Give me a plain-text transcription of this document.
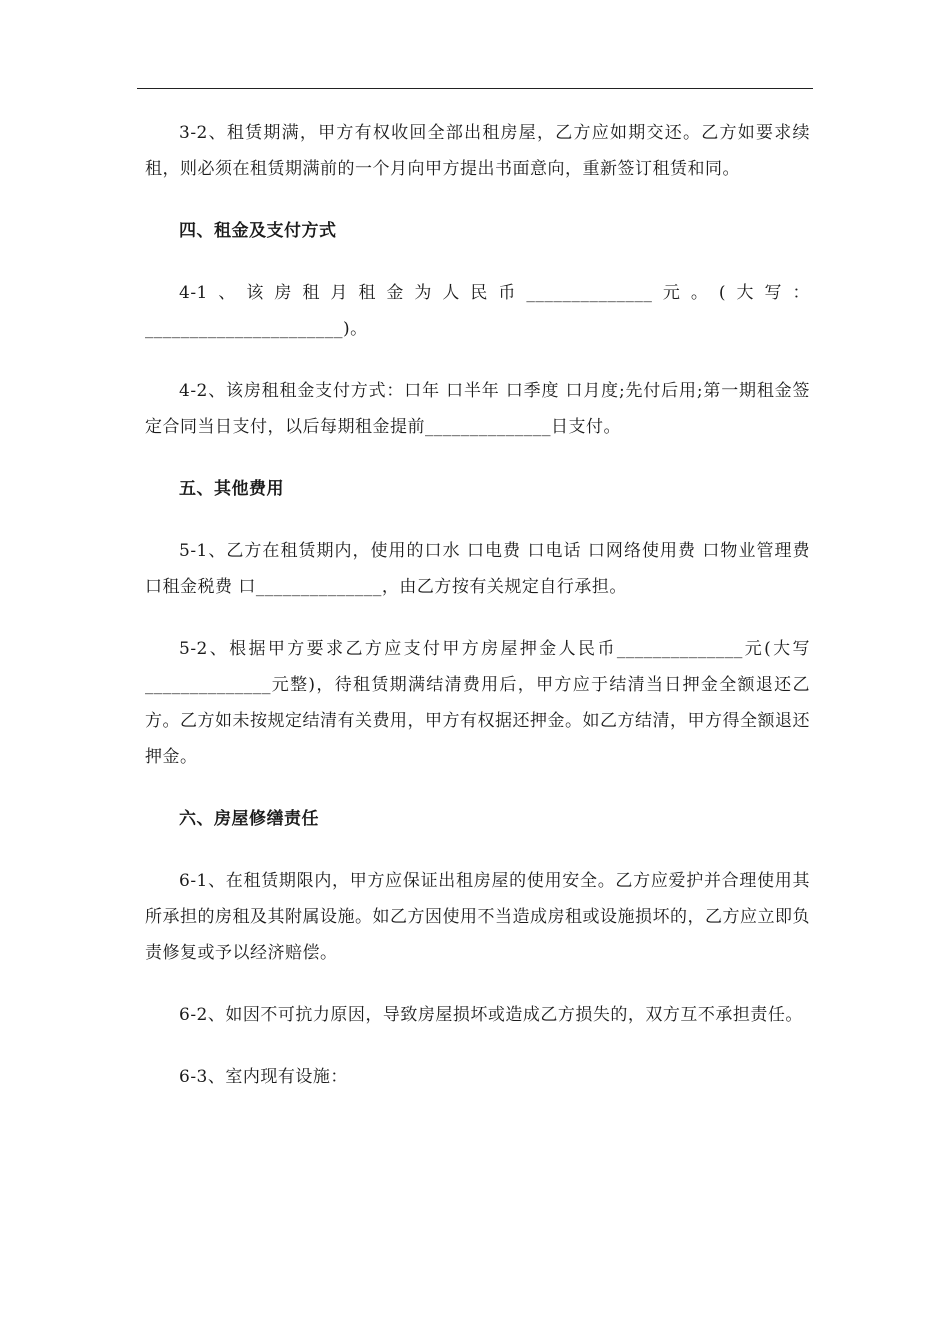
3-2、租赁期满，甲方有权收回全部出租房屋，乙方应如期交还。乙方如要求续租，则必须在租赁期满前的一个月向甲方提出书面意向，重新签订租赁和同。

四、租金及支付方式

4-1、该房租月租金为人民币______________元。(大写：______________________)。

4-2、该房租租金支付方式：口年 口半年 口季度 口月度;先付后用;第一期租金签定合同当日支付，以后每期租金提前______________日支付。

五、其他费用

5-1、乙方在租赁期内，使用的口水 口电费 口电话 口网络使用费 口物业管理费 口租金税费 口______________，由乙方按有关规定自行承担。

5-2、根据甲方要求乙方应支付甲方房屋押金人民币______________元(大写______________元整)，待租赁期满结清费用后，甲方应于结清当日押金全额退还乙方。乙方如未按规定结清有关费用，甲方有权据还押金。如乙方结清，甲方得全额退还押金。

六、房屋修缮责任

6-1、在租赁期限内，甲方应保证出租房屋的使用安全。乙方应爱护并合理使用其所承担的房租及其附属设施。如乙方因使用不当造成房租或设施损坏的，乙方应立即负责修复或予以经济赔偿。

6-2、如因不可抗力原因，导致房屋损坏或造成乙方损失的，双方互不承担责任。

6-3、室内现有设施：
